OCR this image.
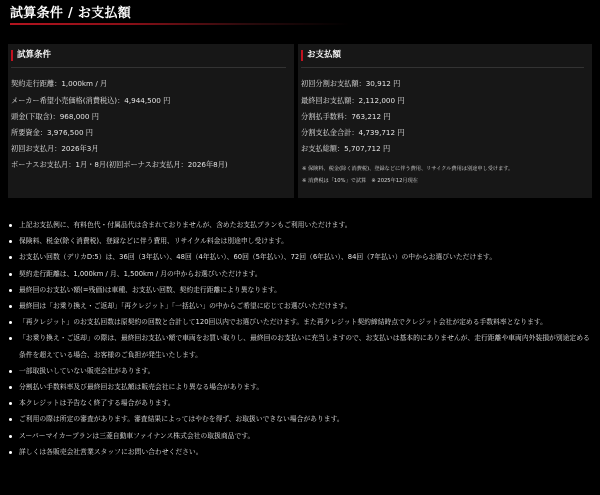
試算条件 / お支払額
試算条件
契約走行距離：1,000km / 月
メーカー希望小売価格(消費税込)：4,944,500 円
頭金(下取含)：968,000 円
所要資金：3,976,500 円
初回お支払月：2026年3月
ボーナスお支払月：1月・8月(初回ボーナスお支払月：2026年8月)
お支払額
初回分割お支払額：30,912 円
最終回お支払額：2,112,000 円
分割払手数料：763,212 円
分割支払金合計：4,739,712 円
お支払総額：5,707,712 円
※ 保険料、税金(除く消費税)、登録などに伴う費用、リサイクル費用は別途申し受けます。
※ 消費税は「10%」で試算　※ 2025年12月現在
上記お支払例に、有料色代・付属品代は含まれておりませんが、含めたお支払プランもご利用いただけます。
保険料、税金(除く消費税)、登録などに伴う費用、リサイクル料金は別途申し受けます。
お支払い回数（デリカD:5）は、36回（3年払い）、48回（4年払い）、60回（5年払い）、72回（6年払い）、84回（7年払い）の中からお選びいただけます。
契約走行距離は、1,000km / 月、1,500km / 月の中からお選びいただけます。
最終回のお支払い額(=残価)は車種、お支払い回数、契約走行距離により異なります。
最終回は「お乗り換え・ご返却」「再クレジット」「一括払い」の中からご希望に応じてお選びいただけます。
「再クレジット」のお支払回数は原契約の回数と合計して120回以内でお選びいただけます。また再クレジット契約締結時点でクレジット会社が定める手数料率となります。
「お乗り換え・ご返却」の際は、最終回お支払い額で車両をお買い取りし、最終回のお支払いに充当しますので、お支払いは基本的にありませんが、走行距離や車両内外装損が別途定める条件を超えている場合、お客様のご負担が発生いたします。
一部取扱いしていない販売会社があります。
分割払い手数料率及び最終回お支払額は販売会社により異なる場合があります。
本クレジットは予告なく終了する場合があります。
ご利用の際は所定の審査があります。審査結果によってはやむを得ず、お取扱いできない場合があります。
スーパーマイカープランは三菱自動車ファイナンス株式会社の取扱商品です。
詳しくは各販売会社営業スタッフにお問い合わせください。
